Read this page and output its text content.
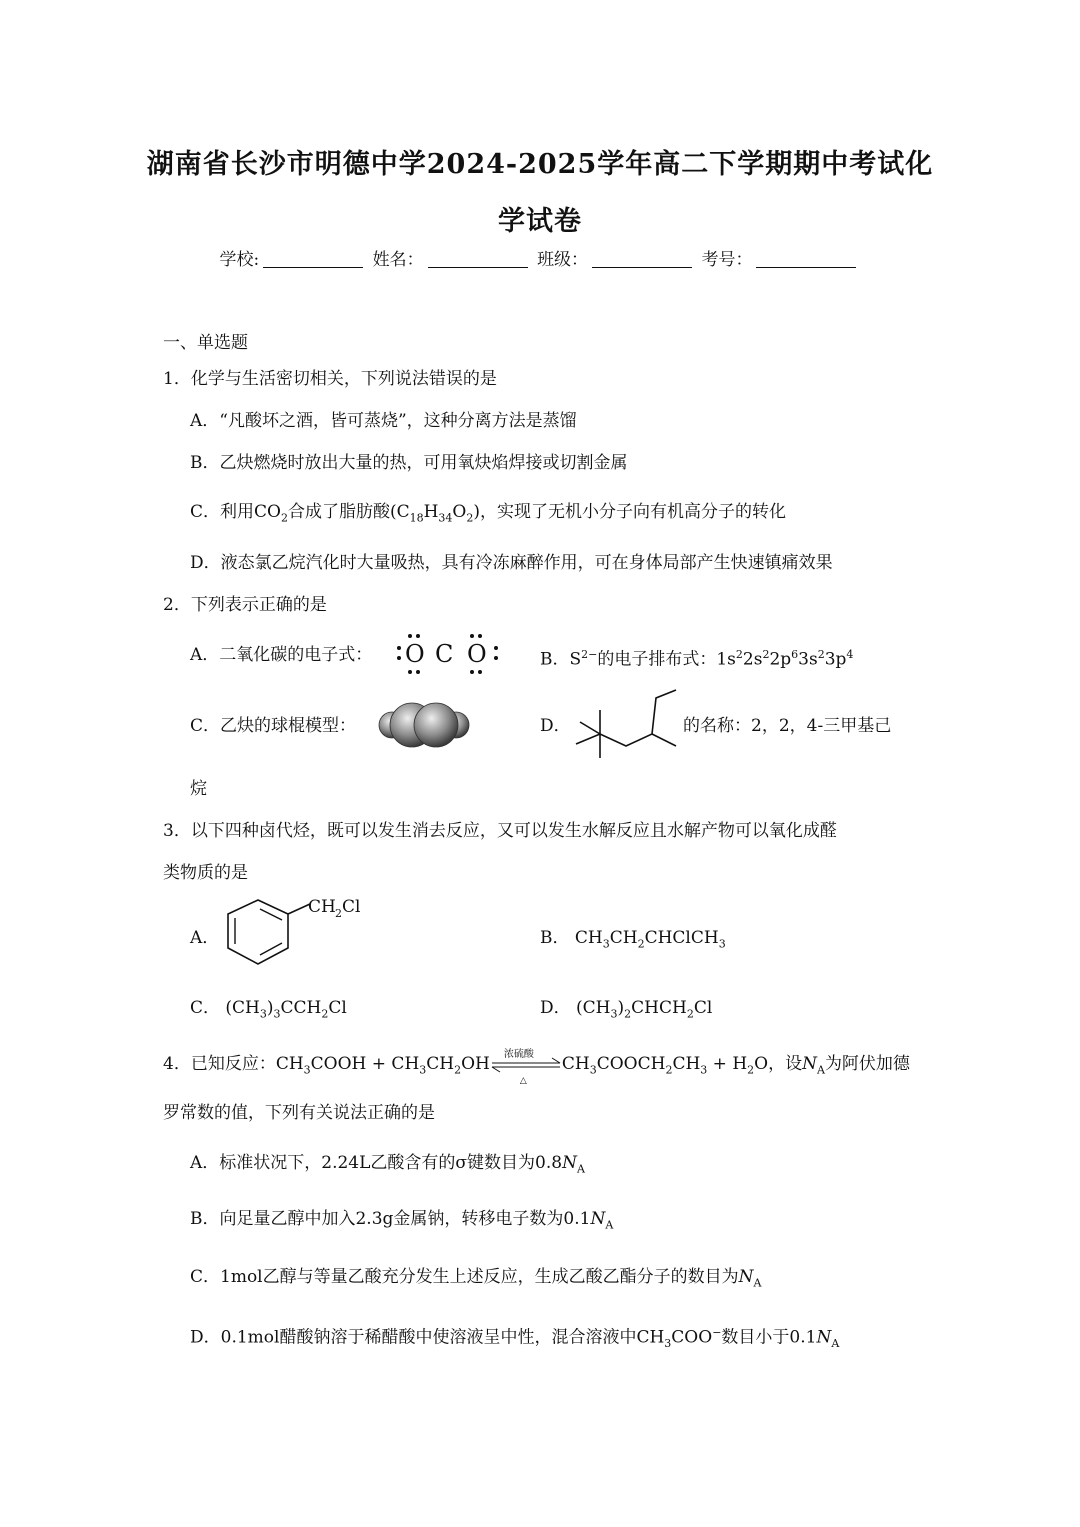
湖南省长沙市明德中学2024-2025学年高二下学期期中考试化
学试卷
学校:	姓名：	班级：	考号：
一、单选题
1．化学与生活密切相关，下列说法错误的是
A．“凡酸坏之酒，皆可蒸烧”，这种分离方法是蒸馏
B．乙炔燃烧时放出大量的热，可用氧炔焰焊接或切割金属
C．利用$CO_2$合成了脂肪酸$(C_{18}H_{34}O_2)$，实现了无机小分子向有机高分子的转化
D．液态氯乙烷汽化时大量吸热，具有冷冻麻醉作用，可在身体局部产生快速镇痛效果
2．下列表示正确的是
A．二氧化碳的电子式： O C O	B．$S^{2-}$的电子排布式：$1s^22s^22p^63s^23p^4$
C．乙炔的球棍模型：	D．	的名称：2，2，4-三甲基己
烷
3．以下四种卤代烃，既可以发生消去反应，又可以发生水解反应且水解产物可以氧化成醛
类物质的是
A．
CH 2 Cl
B． $CH_3CH_2CHClCH_3$
C． $(CH_3)_3CCH_2Cl$	D． $(CH_3)_2CHCH_2Cl$
4．已知反应：$CH_3COOH + CH_3CH_2OH$ 浓硫酸
△
$CH_3COOCH_2CH_3 + H_2O$，设$N_A$为阿伏加德
罗常数的值，下列有关说法正确的是
A．标准状况下，2.24L乙酸含有的σ键数目为$0.8N_A$
B．向足量乙醇中加入2.3g金属钠，转移电子数为$0.1N_A$
C．1mol乙醇与等量乙酸充分发生上述反应，生成乙酸乙酯分子的数目为$N_A$
D．0.1mol醋酸钠溶于稀醋酸中使溶液呈中性，混合溶液中$CH_3COO^-$数目小于$0.1N_A$
